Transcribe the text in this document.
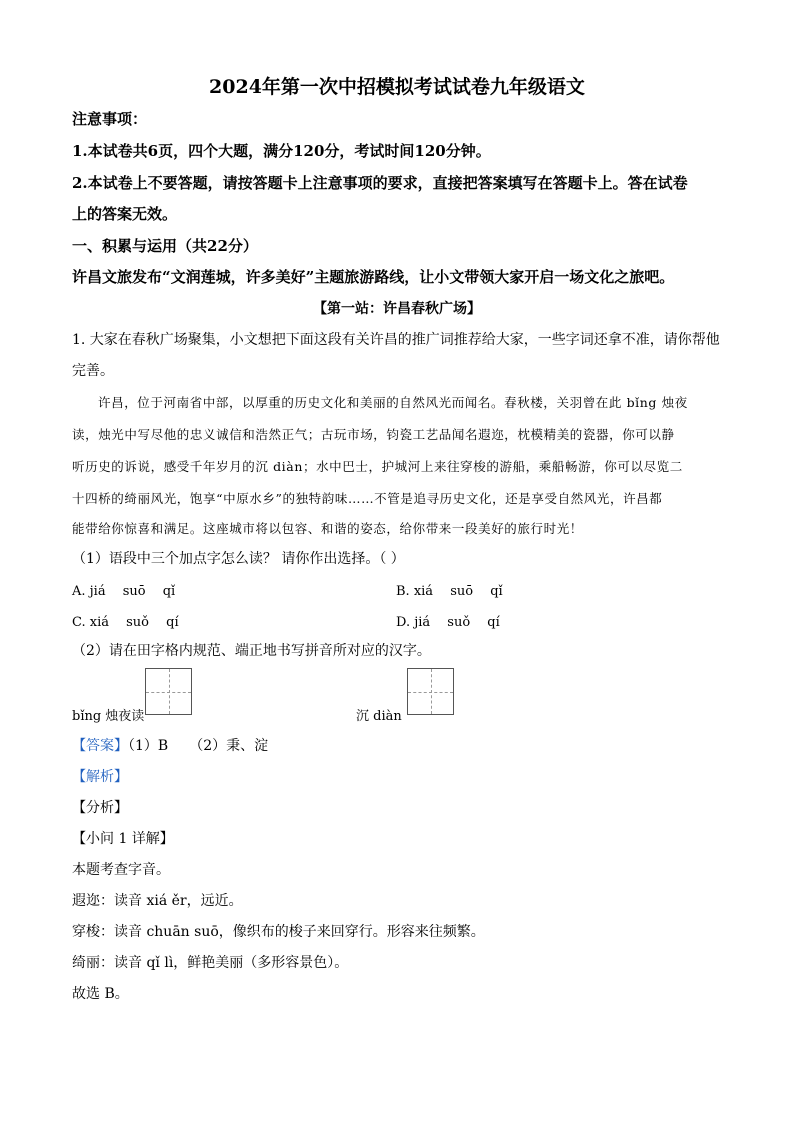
2024年第一次中招模拟考试试卷九年级语文
注意事项：
1.本试卷共6页，四个大题，满分120分，考试时间120分钟。
2.本试卷上不要答题，请按答题卡上注意事项的要求，直接把答案填写在答题卡上。答在试卷
上的答案无效。
一、积累与运用（共22分）
许昌文旅发布“文润莲城，许多美好”主题旅游路线，让小文带领大家开启一场文化之旅吧。
【第一站：许昌春秋广场】
1. 大家在春秋广场聚集，小文想把下面这段有关许昌的推广词推荐给大家，一些字词还拿不准，请你帮他
完善。
许昌，位于河南省中部，以厚重的历史文化和美丽的自然风光而闻名。春秋楼，关羽曾在此 bǐng 烛夜
读，烛光中写尽他的忠义诚信和浩然正气；古玩市场，钧瓷工艺品闻名遐迩，枕模精美的瓷器，你可以静
听历史的诉说，感受千年岁月的沉 diàn；水中巴士，护城河上来往穿梭的游船，乘船畅游，你可以尽览二
十四桥的绮丽风光，饱享“中原水乡”的独特韵味……不管是追寻历史文化，还是享受自然风光，许昌都
能带给你惊喜和满足。这座城市将以包容、和谐的姿态，给你带来一段美好的旅行时光！
（1）语段中三个加点字怎么读？ 请你作出选择。（ ）
A. jiá　 suō　 qǐ	B. xiá　 suō　 qǐ
C. xiá　 suǒ　 qí	D. jiá　 suǒ　 qí
（2）请在田字格内规范、端正地书写拼音所对应的汉字。
bǐng 烛夜读	沉 diàn
【答案】（1）B　　（2）秉、淀
【解析】
【分析】
【小问 1 详解】
本题考查字音。
遐迩：读音 xiá ěr，远近。
穿梭：读音 chuān suō，像织布的梭子来回穿行。形容来往频繁。
绮丽：读音 qǐ lì，鲜艳美丽（多形容景色）。
故选 B。
